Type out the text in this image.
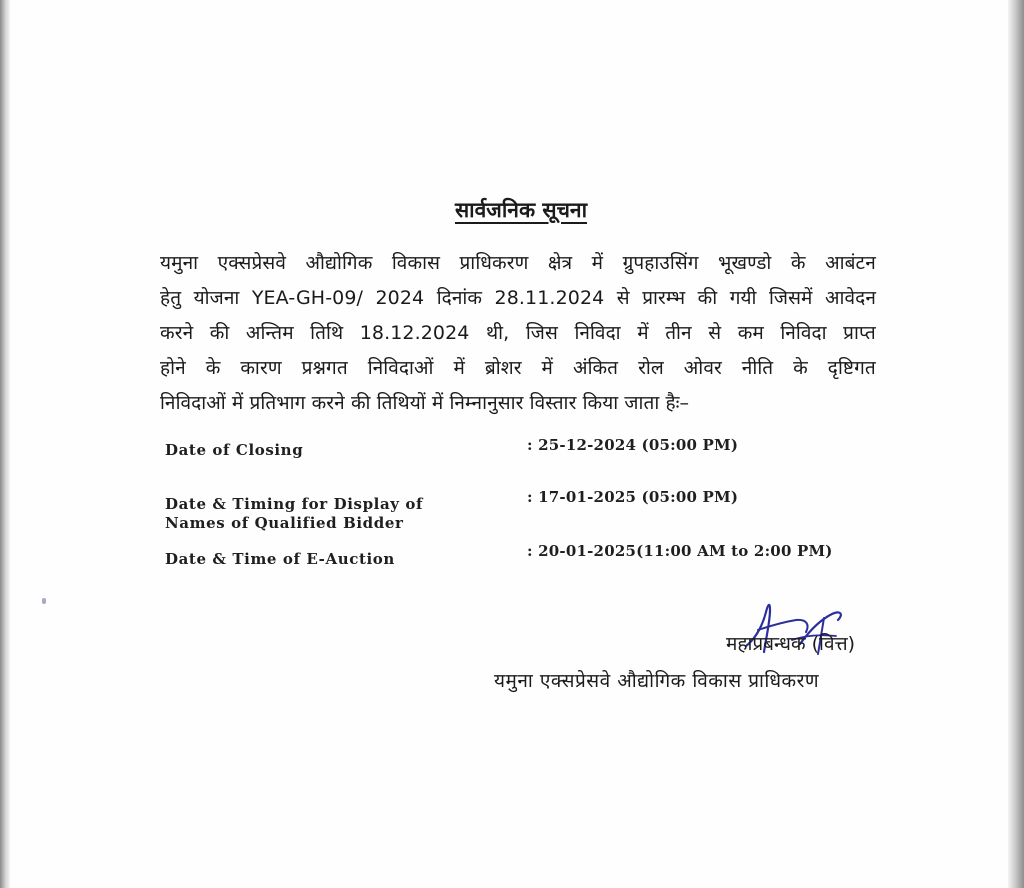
सार्वजनिक सूचना
यमुना एक्सप्रेसवे औद्योगिक विकास प्राधिकरण क्षेत्र में ग्रुपहाउसिंग भूखण्डो के आबंटन
हेतु योजना YEA-GH-09/ 2024 दिनांक 28.11.2024 से प्रारम्भ की गयी जिसमें आवेदन
करने की अन्तिम तिथि 18.12.2024 थी, जिस निविदा में तीन से कम निविदा प्राप्त
होने के कारण प्रश्नगत निविदाओं में ब्रोशर में अंकित रोल ओवर नीति के दृष्टिगत
निविदाओं में प्रतिभाग करने की तिथियों में निम्नानुसार विस्तार किया जाता हैः–
Date of Closing	: 25-12-2024 (05:00 PM)
Date & Timing for Display of Names of Qualified Bidder
: 17-01-2025 (05:00 PM)
Date & Time of E-Auction	: 20-01-2025(11:00 AM to 2:00 PM)
महाप्रबन्धक (वित्त)
यमुना एक्सप्रेसवे औद्योगिक विकास प्राधिकरण
